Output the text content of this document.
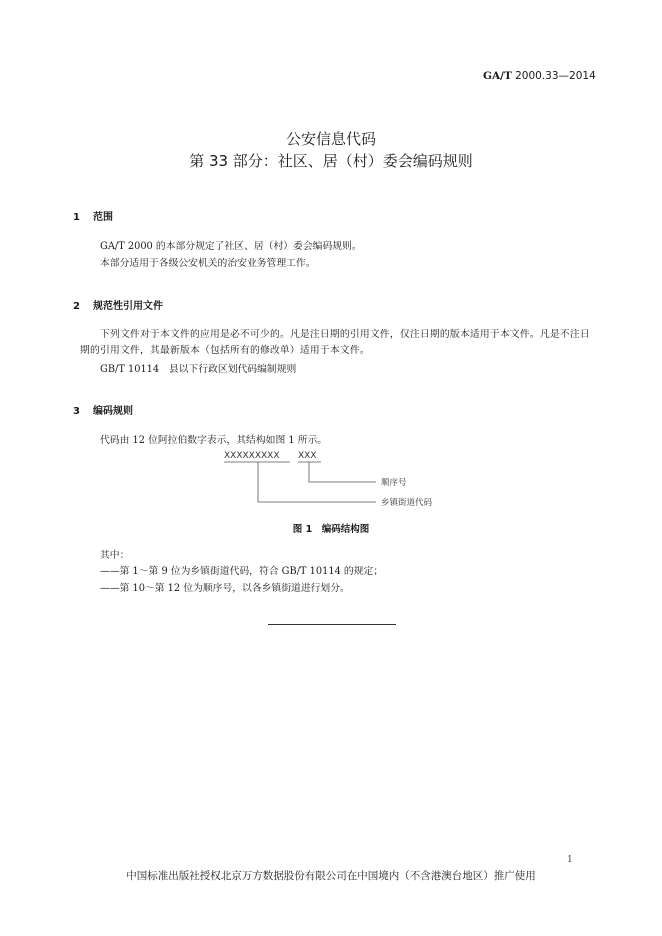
GA/T 2000.33—2014
公安信息代码
第 33 部分：社区、居（村）委会编码规则
1 范围
GA/T 2000 的本部分规定了社区、居（村）委会编码规则。
本部分适用于各级公安机关的治安业务管理工作。
2 规范性引用文件
下列文件对于本文件的应用是必不可少的。凡是注日期的引用文件，仅注日期的版本适用于本文件。凡是不注日期的引用文件，其最新版本（包括所有的修改单）适用于本文件。
GB/T 10114　县以下行政区划代码编制规则
3 编码规则
代码由 12 位阿拉伯数字表示，其结构如图 1 所示。
XXXXXXXXX XXX
顺序号
乡镇街道代码
图 1　编码结构图
其中：
——第 1～第 9 位为乡镇街道代码，符合 GB/T 10114 的规定；
——第 10～第 12 位为顺序号，以各乡镇街道进行划分。
1
中国标准出版社授权北京万方数据股份有限公司在中国境内（不含港澳台地区）推广使用
